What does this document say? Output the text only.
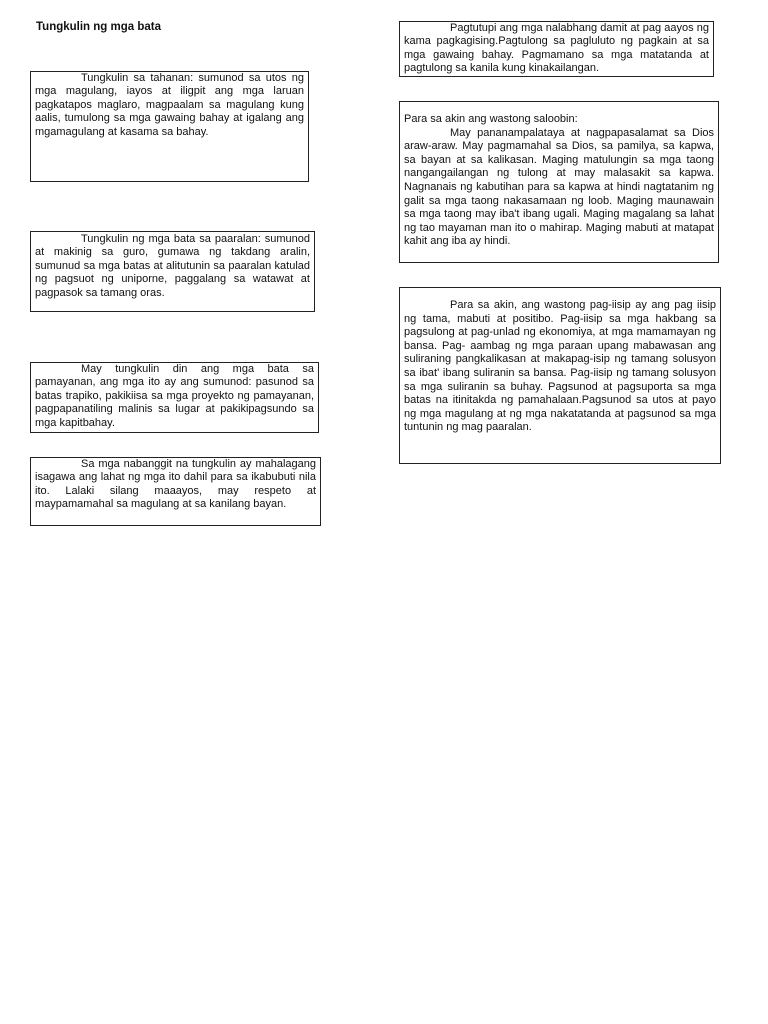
Tungkulin ng mga bata

Tungkulin sa tahanan: sumunod sa utos ng mga magulang, iayos at iligpit ang mga laruan pagkatapos maglaro, magpaalam sa magulang kung aalis, tumulong sa mga gawaing bahay at igalang ang mgamagulang at kasama sa bahay.

Tungkulin ng mga bata sa paaralan: sumunod at makinig sa guro, gumawa ng takdang aralin, sumunud sa mga batas at alitutunin sa paaralan katulad ng pagsuot ng uniporne, paggalang sa watawat at pagpasok sa tamang oras.

May tungkulin din ang mga bata sa pamayanan, ang mga ito ay ang sumunod: pasunod sa batas trapiko, pakikiisa sa mga proyekto ng pamayanan, pagpapanatiling malinis sa lugar at pakikipagsundo sa mga kapitbahay.

Sa mga nabanggit na tungkulin ay mahalagang isagawa ang lahat ng mga ito dahil para sa ikabubuti nila ito. Lalaki silang maaayos, may respeto at maypamamahal sa magulang at sa kanilang bayan.

Pagtutupi ang mga nalabhang damit at pag aayos ng kama pagkagising.Pagtulong sa pagluluto ng pagkain at sa mga gawaing bahay. Pagmamano sa mga matatanda at pagtulong sa kanila kung kinakailangan.

Para sa akin ang wastong saloobin:

May pananampalataya at nagpapasalamat sa Dios araw-araw. May pagmamahal sa Dios, sa pamilya, sa kapwa, sa bayan at sa kalikasan. Maging matulungin sa mga taong nangangailangan ng tulong at may malasakit sa kapwa. Nagnanais ng kabutihan para sa kapwa at hindi nagtatanim ng galit sa mga taong nakasamaan ng loob. Maging maunawain sa mga taong may iba't ibang ugali. Maging magalang sa lahat ng tao mayaman man ito o mahirap. Maging mabuti at matapat kahit ang iba ay hindi.

Para sa akin, ang wastong pag-iisip ay ang pag iisip ng tama, mabuti at positibo. Pag-iisip sa mga hakbang sa pagsulong at pag-unlad ng ekonomiya, at mga mamamayan ng bansa. Pag- aambag ng mga paraan upang mabawasan ang suliraning pangkalikasan at makapag-isip ng tamang solusyon sa ibat' ibang suliranin sa bansa. Pag-iisip ng tamang solusyon sa mga suliranin sa buhay. Pagsunod at pagsuporta sa mga batas na itinitakda ng pamahalaan.Pagsunod sa utos at payo ng mga magulang at ng mga nakatatanda at pagsunod sa mga tuntunin ng mag paaralan.
